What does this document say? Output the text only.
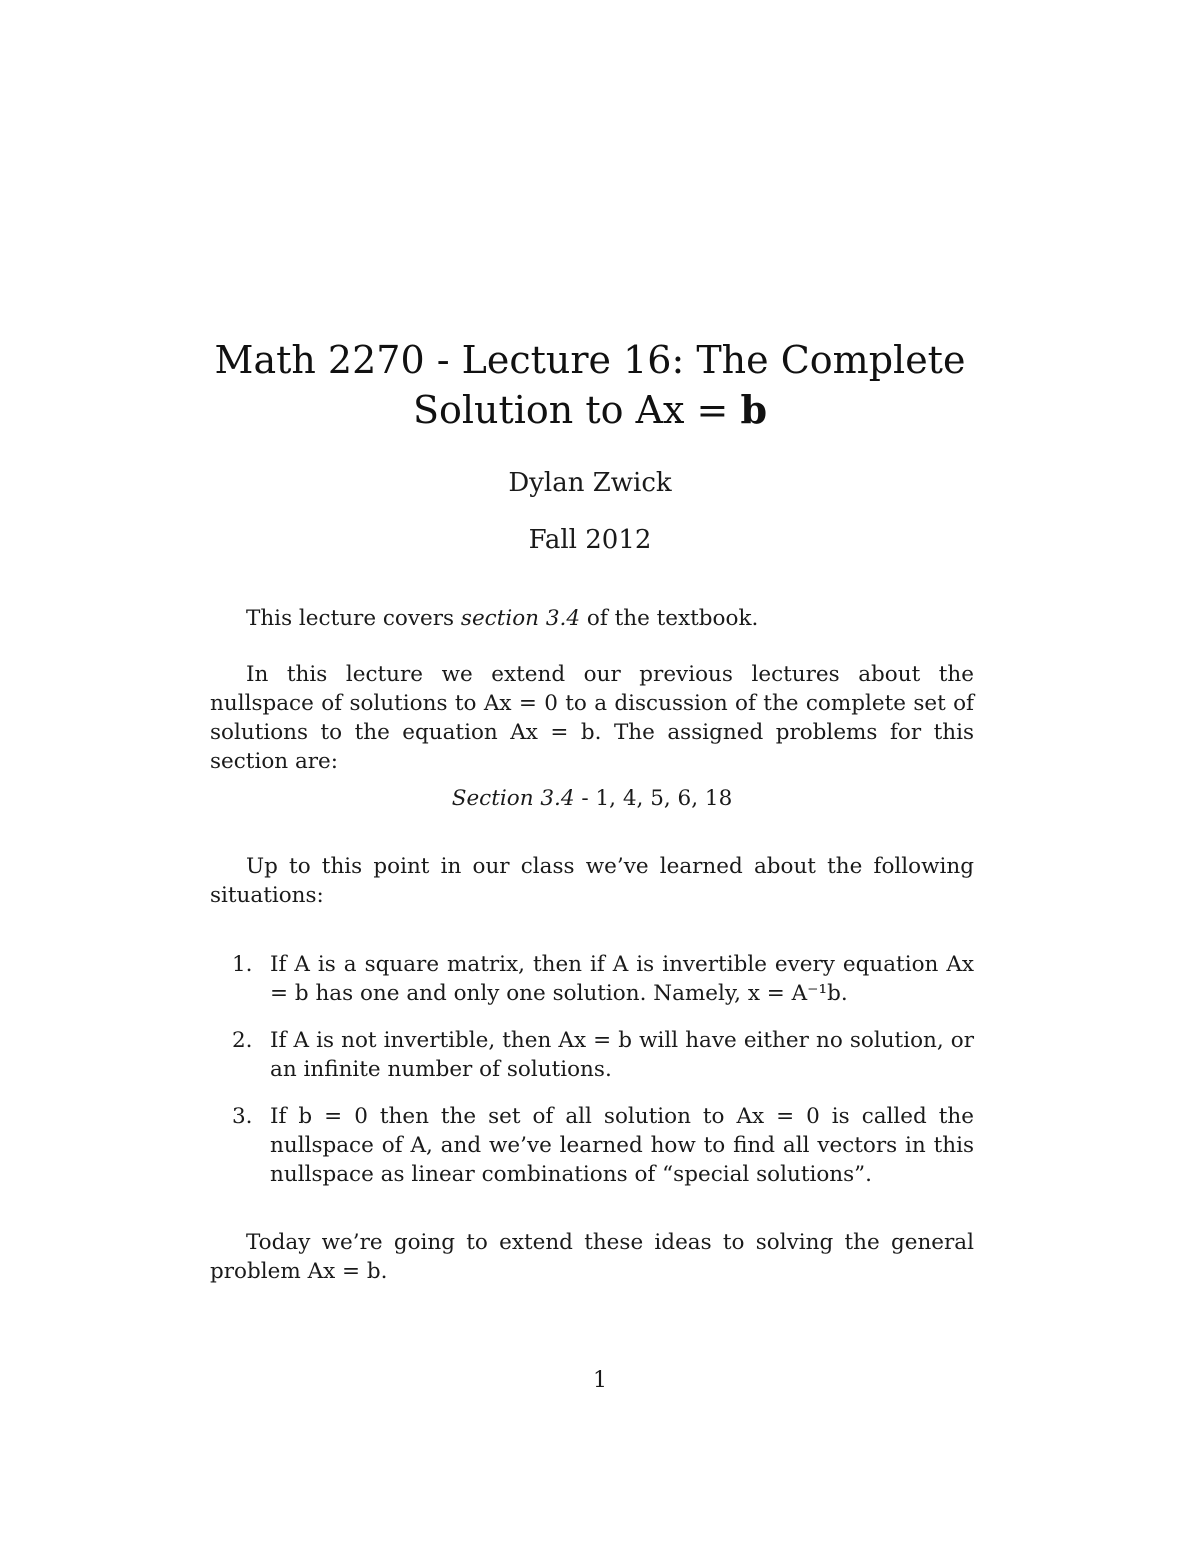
Math 2270 - Lecture 16: The Complete
Solution to Ax = b
Dylan Zwick
Fall 2012

This lecture covers section 3.4 of the textbook.

In this lecture we extend our previous lectures about the nullspace of solutions to Ax = 0 to a discussion of the complete set of solutions to the equation Ax = b. The assigned problems for this section are:

Section 3.4 - 1, 4, 5, 6, 18

Up to this point in our class we’ve learned about the following situations:

1. If A is a square matrix, then if A is invertible every equation Ax = b has one and only one solution. Namely, x = A⁻¹b.
2. If A is not invertible, then Ax = b will have either no solution, or an infinite number of solutions.
3. If b = 0 then the set of all solution to Ax = 0 is called the nullspace of A, and we’ve learned how to find all vectors in this nullspace as linear combinations of “special solutions”.

Today we’re going to extend these ideas to solving the general problem Ax = b.

1
